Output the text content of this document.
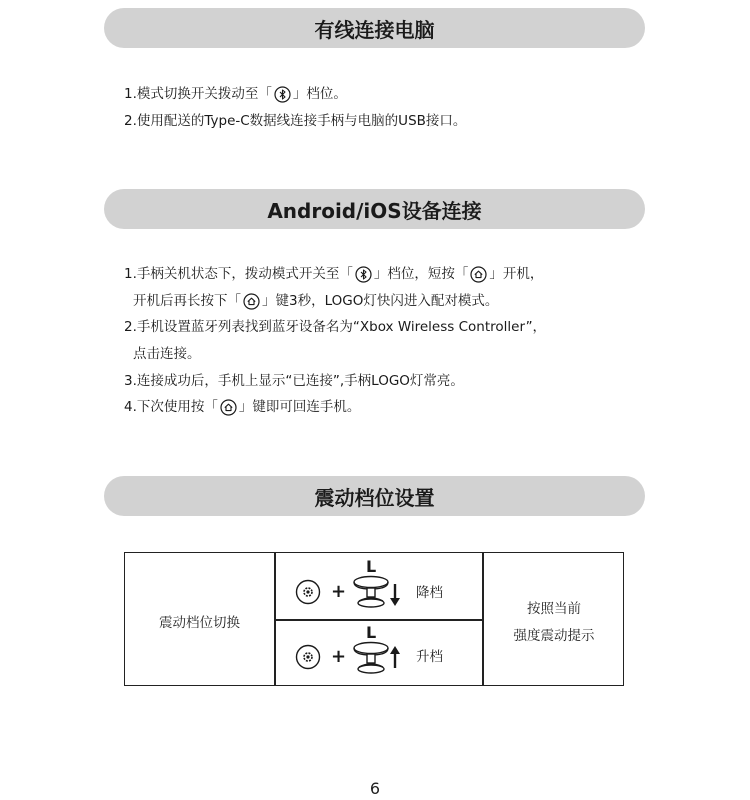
有线连接电脑
1.模式切换开关拨动至「 」档位。
2.使用配送的Type-C数据线连接手柄与电脑的USB接口。
Android/iOS设备连接
1.手柄关机状态下，拨动模式开关至「 」档位，短按「 」开机，
开机后再长按下「 」键3秒，LOGO灯快闪进入配对模式。
2.手机设置蓝牙列表找到蓝牙设备名为“Xbox Wireless Controller”，
点击连接。
3.连接成功后，手机上显示“已连接”,手柄LOGO灯常亮。
4.下次使用按「 」键即可回连手机。
震动档位设置
震动档位切换
+
L
降档
+
L
升档
按照当前
强度震动提示
6
